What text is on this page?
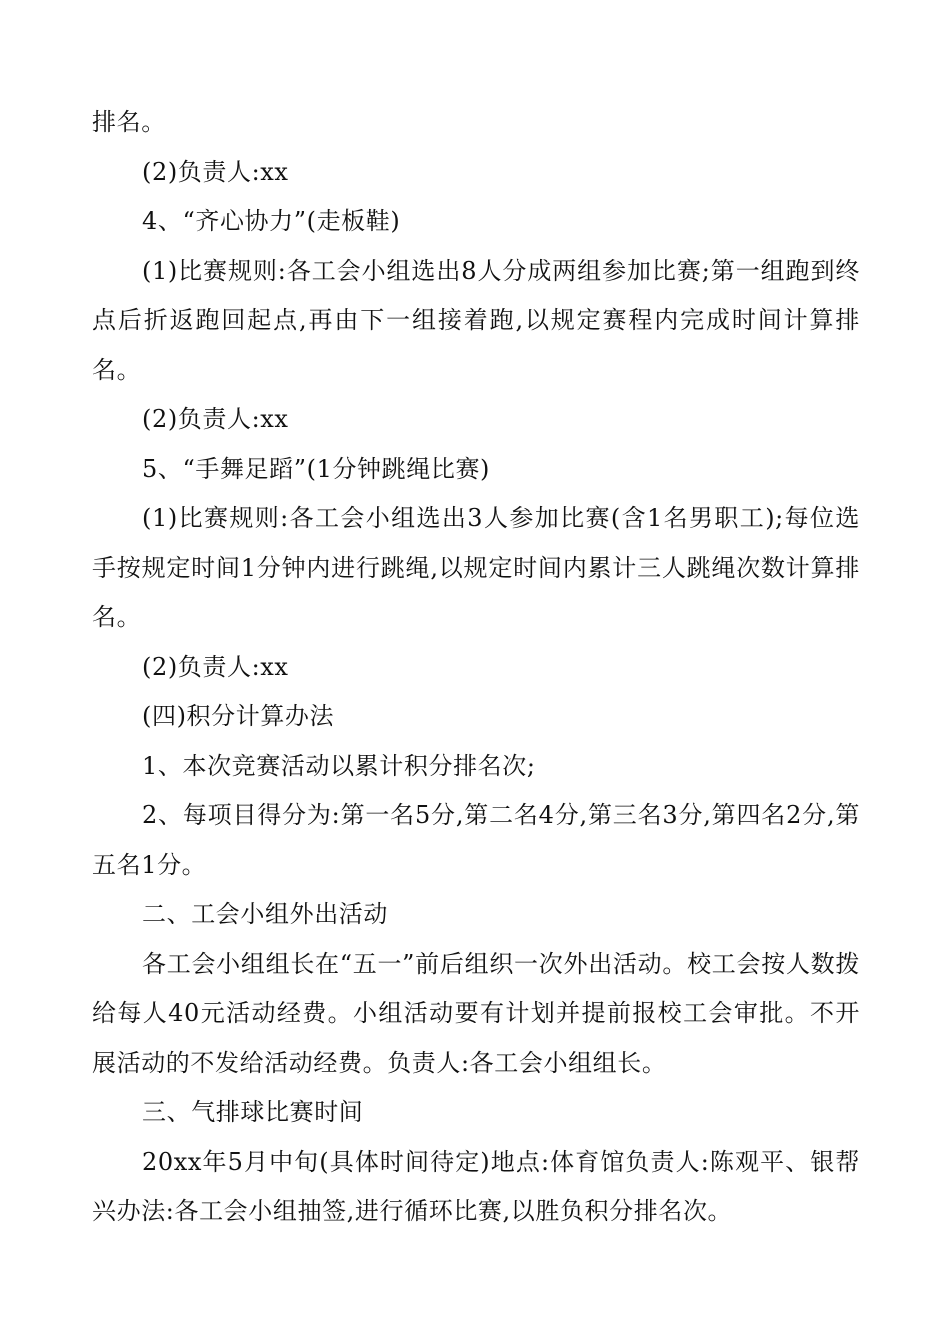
排名。

(2)负责人:xx

4、“齐心协力”(走板鞋)

(1)比赛规则:各工会小组选出8人分成两组参加比赛;第一组跑到终点后折返跑回起点,再由下一组接着跑,以规定赛程内完成时间计算排名。

(2)负责人:xx

5、“手舞足蹈”(1分钟跳绳比赛)

(1)比赛规则:各工会小组选出3人参加比赛(含1名男职工);每位选手按规定时间1分钟内进行跳绳,以规定时间内累计三人跳绳次数计算排名。

(2)负责人:xx

(四)积分计算办法

1、本次竞赛活动以累计积分排名次;

2、每项目得分为:第一名5分,第二名4分,第三名3分,第四名2分,第五名1分。

二、工会小组外出活动

各工会小组组长在“五一”前后组织一次外出活动。校工会按人数拨给每人40元活动经费。小组活动要有计划并提前报校工会审批。不开展活动的不发给活动经费。负责人:各工会小组组长。

三、气排球比赛时间

20xx年5月中旬(具体时间待定)地点:体育馆负责人:陈观平、银帮兴办法:各工会小组抽签,进行循环比赛,以胜负积分排名次。
